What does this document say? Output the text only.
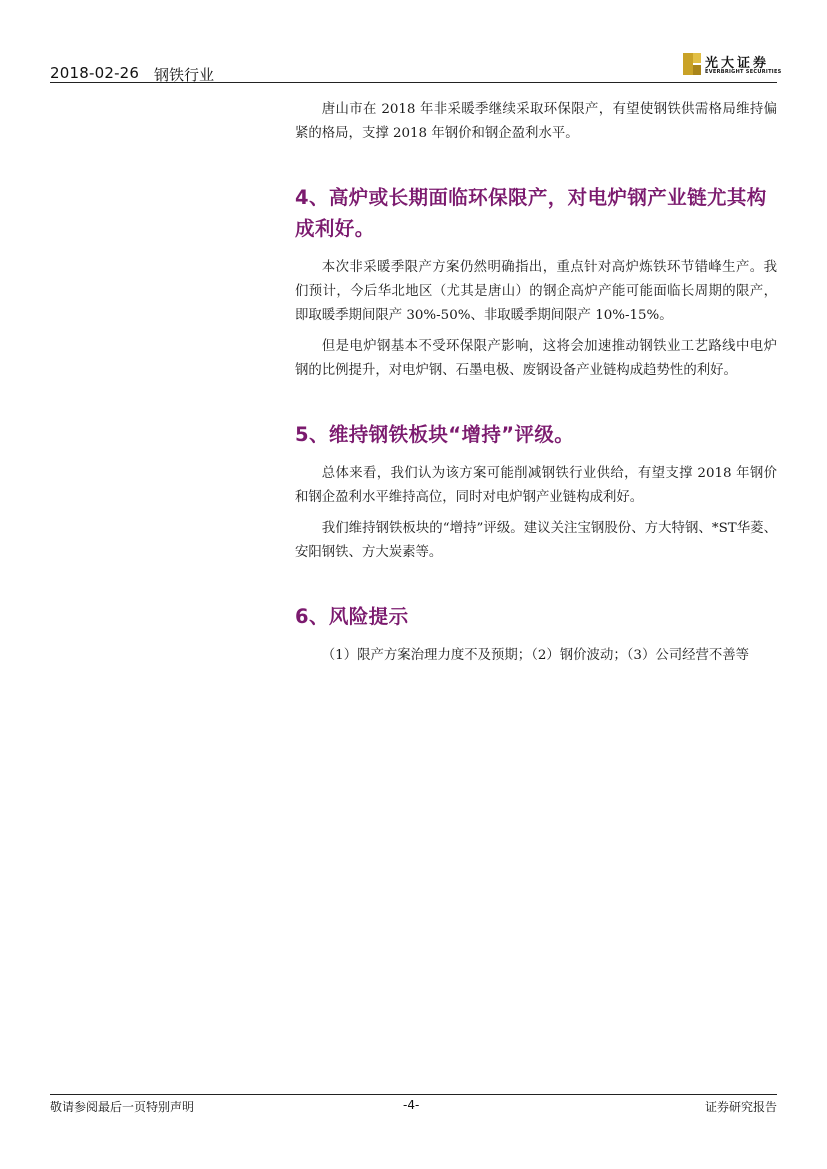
2018-02-26 钢铁行业
光大证券
EVERBRIGHT SECURITIES

唐山市在 2018 年非采暖季继续采取环保限产，有望使钢铁供需格局维持偏紧的格局，支撑 2018 年钢价和钢企盈利水平。

4、高炉或长期面临环保限产，对电炉钢产业链尤其构成利好。

本次非采暖季限产方案仍然明确指出，重点针对高炉炼铁环节错峰生产。我们预计，今后华北地区（尤其是唐山）的钢企高炉产能可能面临长周期的限产，即取暖季期间限产 30%-50%、非取暖季期间限产 10%-15%。

但是电炉钢基本不受环保限产影响，这将会加速推动钢铁业工艺路线中电炉钢的比例提升，对电炉钢、石墨电极、废钢设备产业链构成趋势性的利好。

5、维持钢铁板块“增持”评级。

总体来看，我们认为该方案可能削减钢铁行业供给，有望支撑 2018 年钢价和钢企盈利水平维持高位，同时对电炉钢产业链构成利好。

我们维持钢铁板块的“增持”评级。建议关注宝钢股份、方大特钢、*ST华菱、安阳钢铁、方大炭素等。

6、风险提示

（1）限产方案治理力度不及预期；（2）钢价波动；（3）公司经营不善等

敬请参阅最后一页特别声明	-4-	证券研究报告
